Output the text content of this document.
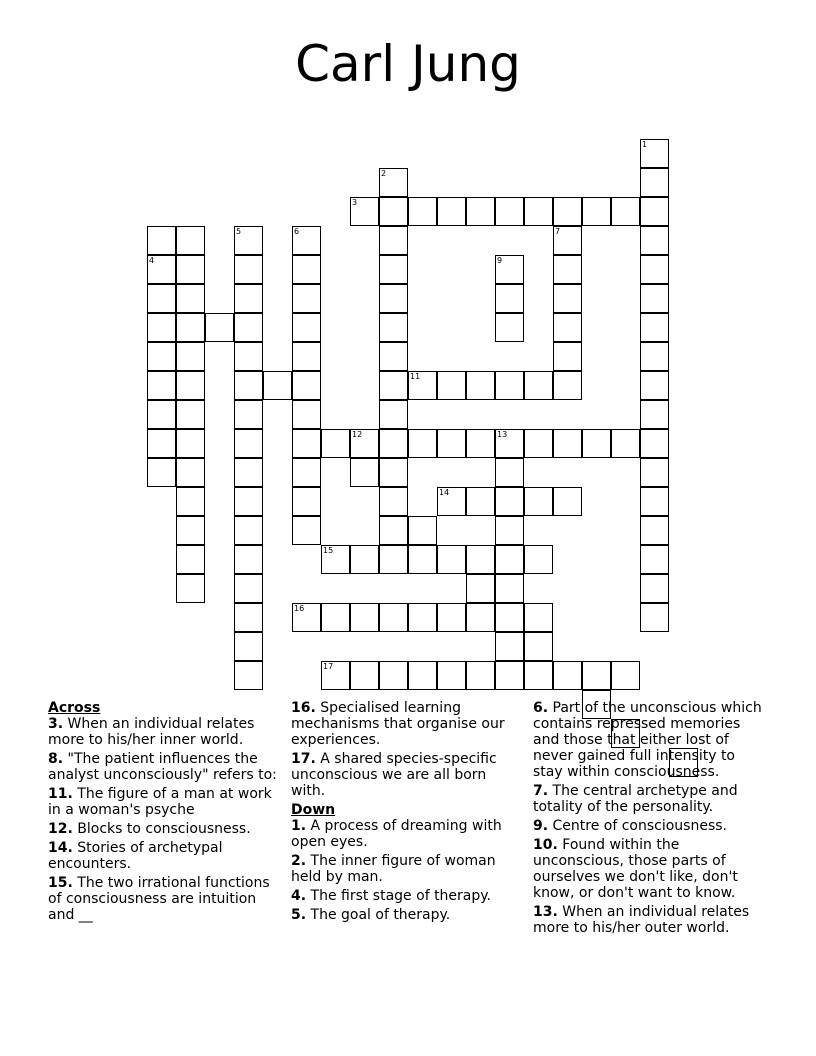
Carl Jung
1
2
3
4
5	6	7
9
11
12	13
14
15
16
17
Across
3. When an individual relates more to his/her inner world.
8. "The patient influences the analyst unconsciously" refers to:
11. The figure of a man at work in a woman's psyche
12. Blocks to consciousness.
14. Stories of archetypal encounters.
15. The two irrational functions of consciousness are intuition and __
16. Specialised learning mechanisms that organise our experiences.
17. A shared species-specific unconscious we are all born with.
Down
1. A process of dreaming with open eyes.
2. The inner figure of woman held by man.
4. The first stage of therapy.
5. The goal of therapy.
6. Part of the unconscious which contains repressed memories and those that either lost of never gained full intensity to stay within consciousness.
7. The central archetype and totality of the personality.
9. Centre of consciousness.
10. Found within the unconscious, those parts of ourselves we don't like, don't know, or don't want to know.
13. When an individual relates more to his/her outer world.
